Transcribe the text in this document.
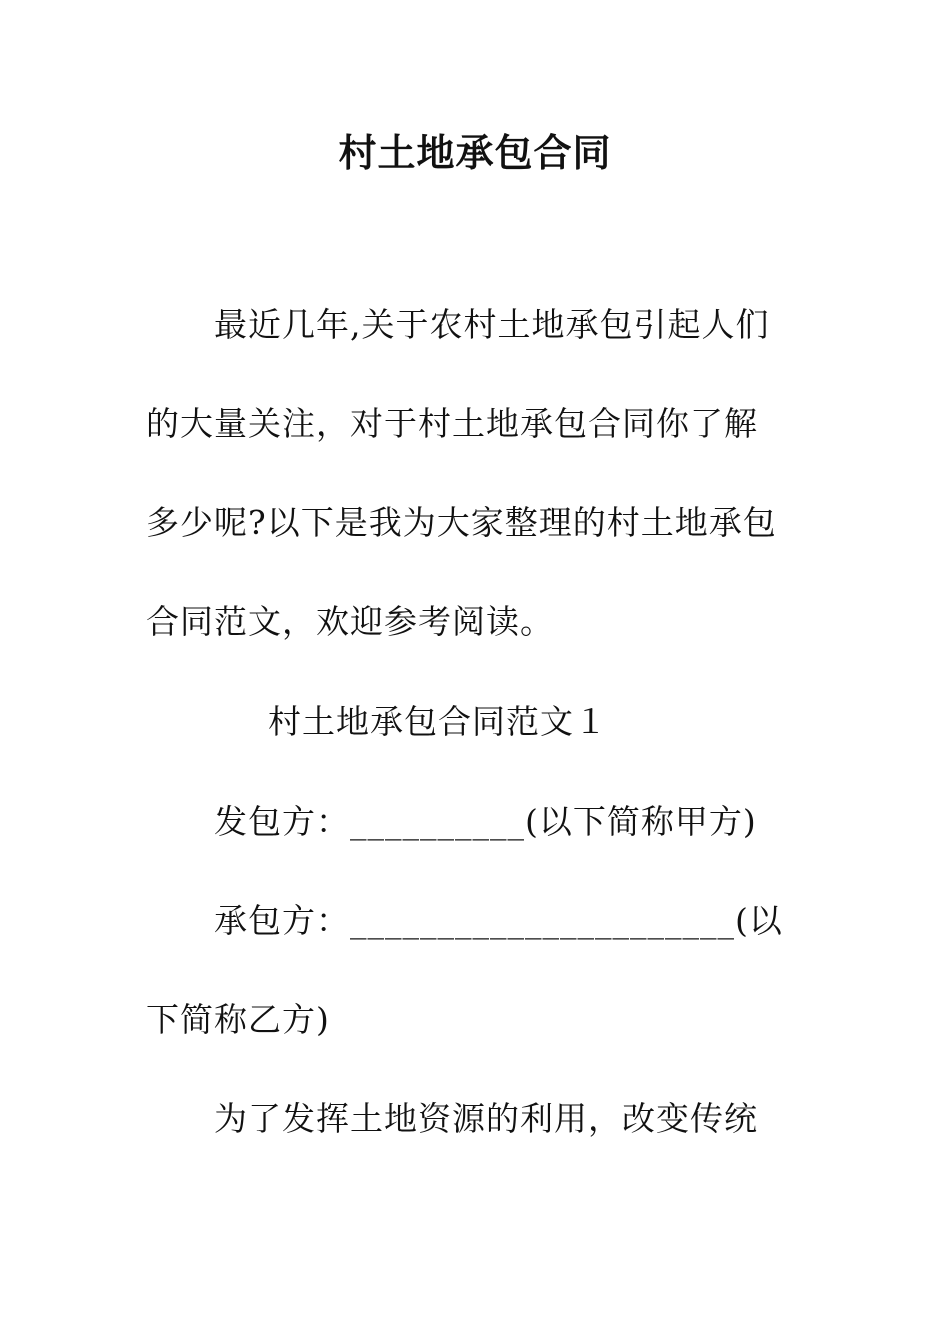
村土地承包合同
最近几年,关于农村土地承包引起人们
的大量关注，对于村土地承包合同你了解
多少呢?以下是我为大家整理的村土地承包
合同范文，欢迎参考阅读。
村土地承包合同范文１
发包方：__________(以下简称甲方)
承包方：______________________(以
下简称乙方)
为了发挥土地资源的利用，改变传统
